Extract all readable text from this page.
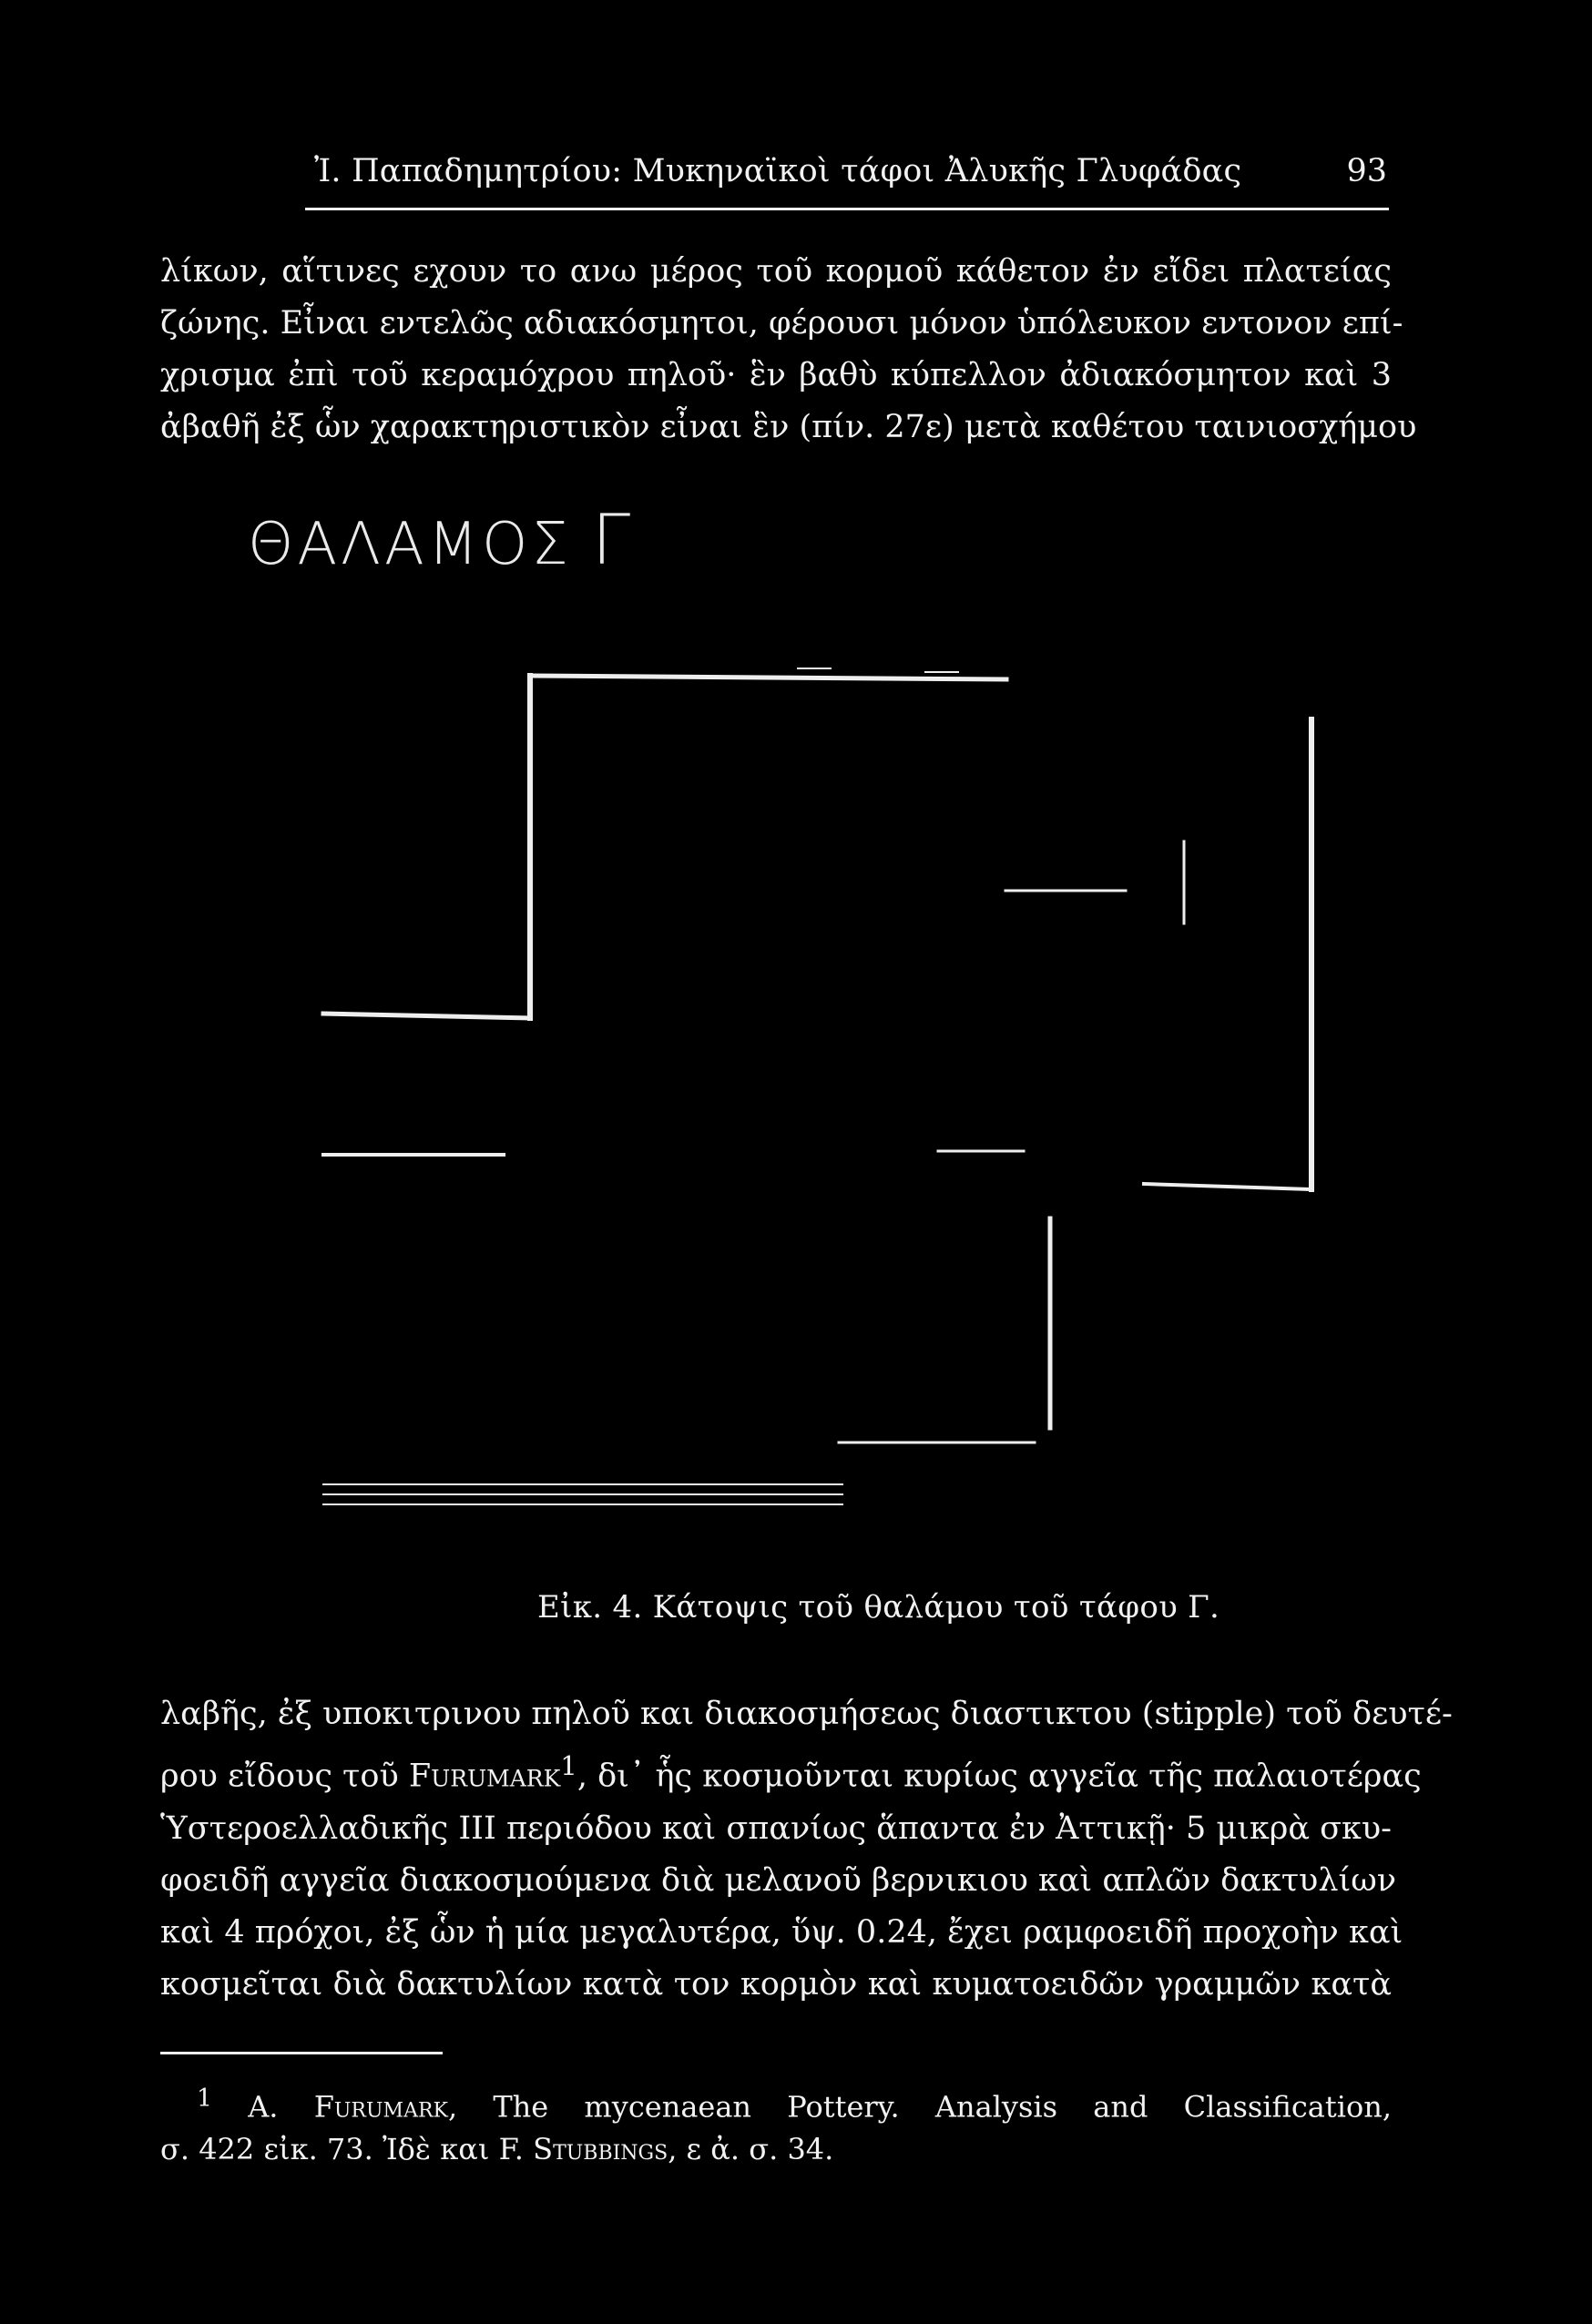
Ἰ. Παπαδημητρίου: Μυκηναϊκοὶ τάφοι Ἀλυκῆς Γλυφάδας	93
λίκων, αἵτινες εχουν το ανω μέρος τοῦ κορμοῦ κάθετον ἐν εἴδει πλατείας
ζώνης. Εἶναι εντελῶς αδιακόσμητοι, φέρουσι μόνον ὑπόλευκον εντονον επί-
χρισμα ἐπὶ τοῦ κεραμόχρου πηλοῦ· ἓν βαθὺ κύπελλον ἀδιακόσμητον καὶ 3
ἀβαθῆ ἐξ ὧν χαρακτηριστικὸν εἶναι ἓν (πίν. 27ε) μετὰ καθέτου ταινιοσχήμου
ΘΑΛΑΜΟΣ Γ
Εἰκ. 4. Κάτοψις τοῦ θαλάμου τοῦ τάφου Γ.
λαβῆς, ἐξ υποκιτρινου πηλοῦ και διακοσμήσεως διαστικτου (stipple) τοῦ δευτέ-
ρου εἴδους τοῦ Furumark$^1$, δι᾽ ἧς κοσμοῦνται κυρίως αγγεῖα τῆς παλαιοτέρας
Ὑστεροελλαδικῆς III περιόδου καὶ σπανίως ἅπαντα ἐν Ἀττικῇ· 5 μικρὰ σκυ-
φοειδῆ αγγεῖα διακοσμούμενα διὰ μελανοῦ βερνικιου καὶ απλῶν δακτυλίων
καὶ 4 πρόχοι, ἐξ ὧν ἡ μία μεγαλυτέρα, ὕψ. 0.24, ἔχει ραμφοειδῆ προχοὴν καὶ
κοσμεῖται διὰ δακτυλίων κατὰ τον κορμὸν καὶ κυματοειδῶν γραμμῶν κατὰ
$^1$ A. Furumark, The mycenaean Pottery. Analysis and Classification,
σ. 422 εἰκ. 73. Ἰδὲ και F. Stubbings, ε ἀ. σ. 34.
